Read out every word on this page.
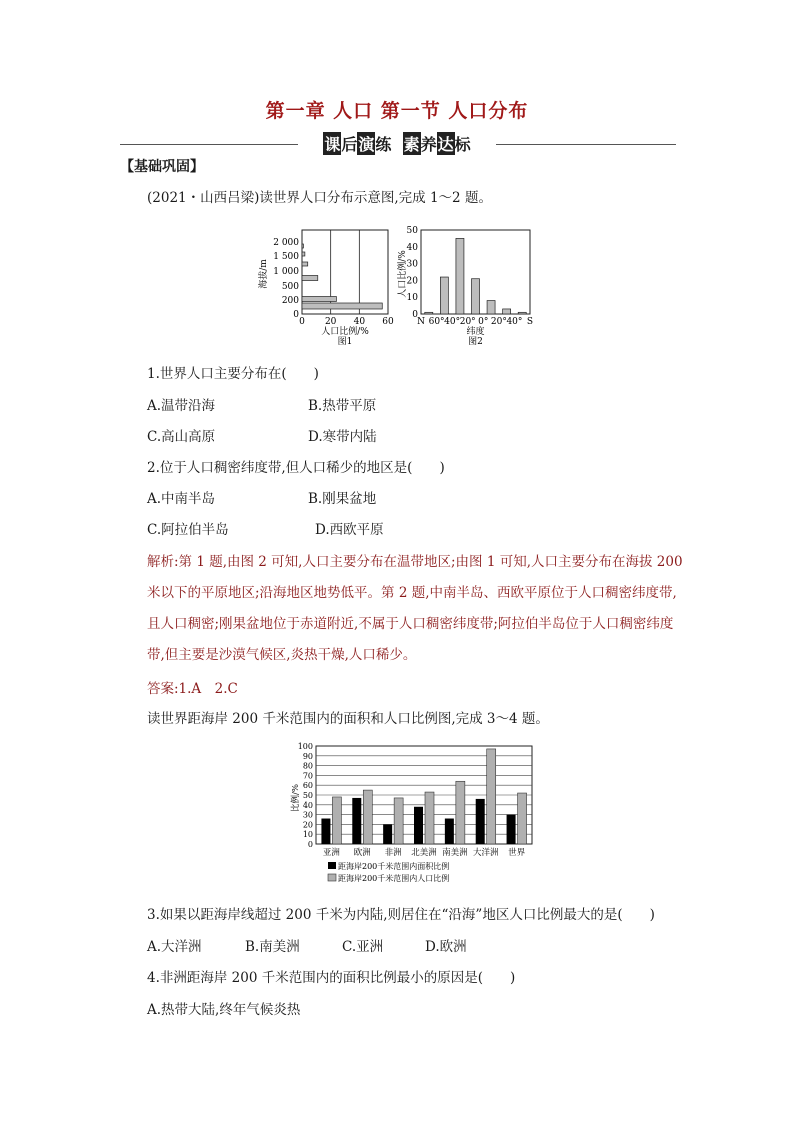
第一章 人口 第一节 人口分布
课后演练 素养达标
【基础巩固】
(2021・山西吕梁)读世界人口分布示意图,完成 1～2 题。
2 000
1 500
1 000
500
200
0
0 20 40 60
人口比例/%
图1
海拔/m
50
40
30
20
10
0
N 60° 40° 20° 0° 20° 40° S
纬度
图2
人口比例/%
1.世界人口主要分布在(　　)
A.温带沿海	B.热带平原
C.高山高原	D.寒带内陆
2.位于人口稠密纬度带,但人口稀少的地区是(　　)
A.中南半岛	B.刚果盆地
C.阿拉伯半岛	D.西欧平原
解析:第 1 题,由图 2 可知,人口主要分布在温带地区;由图 1 可知,人口主要分布在海拔 200 米以下的平原地区;沿海地区地势低平。第 2 题,中南半岛、西欧平原位于人口稠密纬度带,且人口稠密;刚果盆地位于赤道附近,不属于人口稠密纬度带;阿拉伯半岛位于人口稠密纬度带,但主要是沙漠气候区,炎热干燥,人口稀少。
答案:1.A　2.C
读世界距海岸 200 千米范围内的面积和人口比例图,完成 3～4 题。
100
90
80
70
60
50
40
30
20
10
0
亚洲 欧洲 非洲 北美洲 南美洲 大洋洲 世界
比例/%
距海岸200千米范围内面积比例
距海岸200千米范围内人口比例
3.如果以距海岸线超过 200 千米为内陆,则居住在“沿海”地区人口比例最大的是(　　)
A.大洋洲	B.南美洲	C.亚洲	D.欧洲
4.非洲距海岸 200 千米范围内的面积比例最小的原因是(　　)
A.热带大陆,终年气候炎热
